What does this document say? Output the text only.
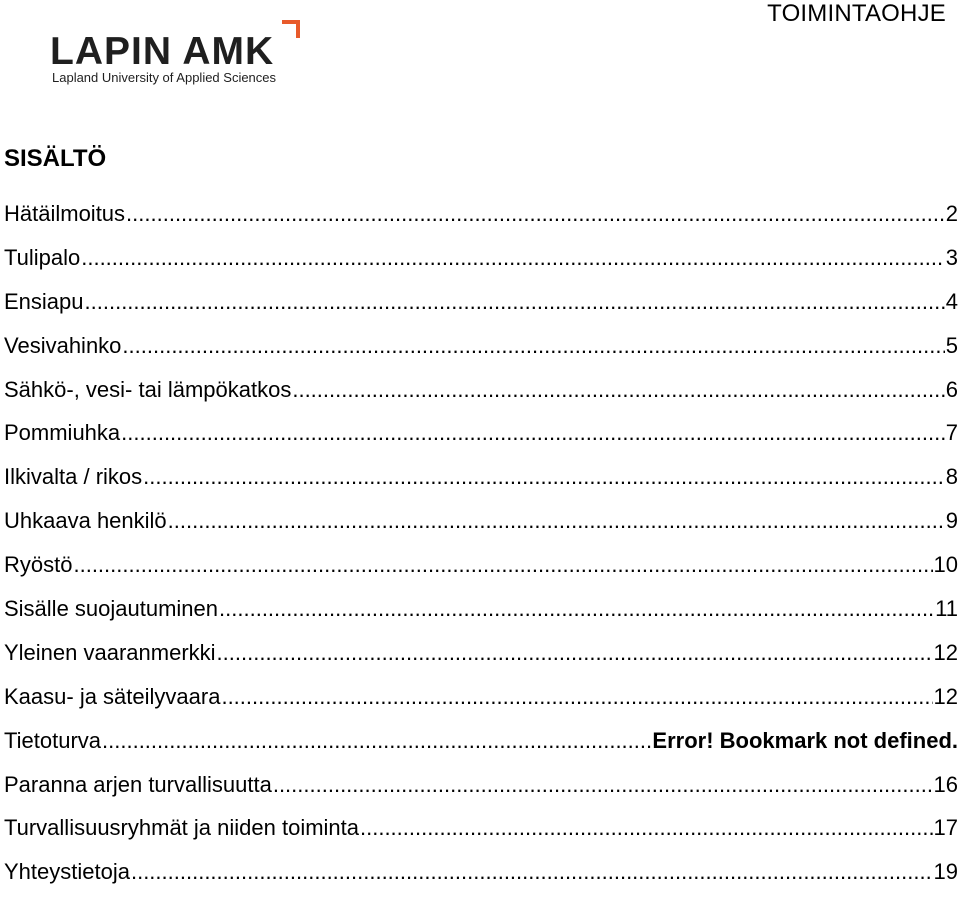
TOIMINTAOHJE
LAPIN AMK
Lapland University of Applied Sciences
SISÄLTÖ
Hätäilmoitus .....	2
Tulipalo .....	3
Ensiapu .....	4
Vesivahinko .....	5
Sähkö-, vesi- tai lämpökatkos .....	6
Pommiuhka .....	7
Ilkivalta / rikos .....	8
Uhkaava henkilö .....	9
Ryöstö .....	10
Sisälle suojautuminen .....	11
Yleinen vaaranmerkki .....	12
Kaasu- ja säteilyvaara .....	12
Tietoturva .....	Error! Bookmark not defined.
Paranna arjen turvallisuutta .....	16
Turvallisuusryhmät ja niiden toiminta .....	17
Yhteystietoja .....	19
